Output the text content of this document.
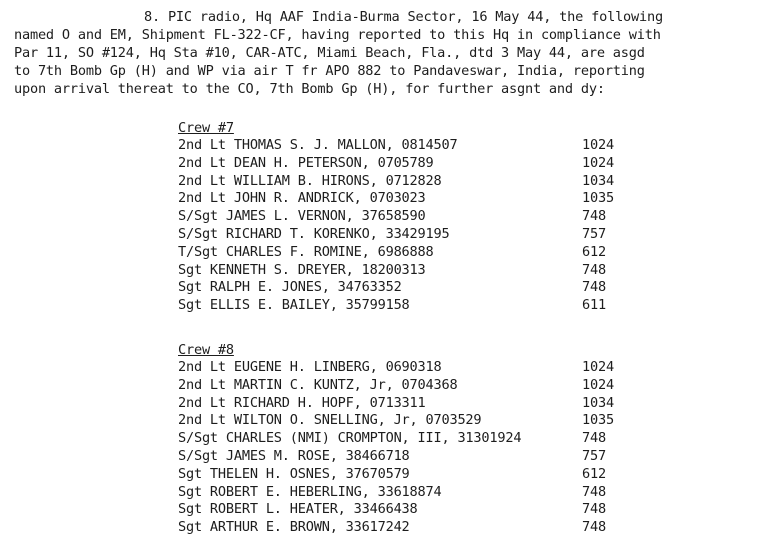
8. PIC radio, Hq AAF India-Burma Sector, 16 May 44, the following
named O and EM, Shipment FL-322-CF, having reported to this Hq in compliance with
Par 11, SO #124, Hq Sta #10, CAR-ATC, Miami Beach, Fla., dtd 3 May 44, are asgd
to 7th Bomb Gp (H) and WP via air T fr APO 882 to Pandaveswar, India, reporting
upon arrival thereat to the CO, 7th Bomb Gp (H), for further asgnt and dy:
Crew #7
2nd Lt THOMAS S. J. MALLON, 0814507	1024
2nd Lt DEAN H. PETERSON, 0705789	1024
2nd Lt WILLIAM B. HIRONS, 0712828	1034
2nd Lt JOHN R. ANDRICK, 0703023	1035
S/Sgt JAMES L. VERNON, 37658590	748
S/Sgt RICHARD T. KORENKO, 33429195	757
T/Sgt CHARLES F. ROMINE, 6986888	612
Sgt KENNETH S. DREYER, 18200313	748
Sgt RALPH E. JONES, 34763352	748
Sgt ELLIS E. BAILEY, 35799158	611
Crew #8
2nd Lt EUGENE H. LINBERG, 0690318	1024
2nd Lt MARTIN C. KUNTZ, Jr, 0704368	1024
2nd Lt RICHARD H. HOPF, 0713311	1034
2nd Lt WILTON O. SNELLING, Jr, 0703529	1035
S/Sgt CHARLES (NMI) CROMPTON, III, 31301924	748
S/Sgt JAMES M. ROSE, 38466718	757
Sgt THELEN H. OSNES, 37670579	612
Sgt ROBERT E. HEBERLING, 33618874	748
Sgt ROBERT L. HEATER, 33466438	748
Sgt ARTHUR E. BROWN, 33617242	748
